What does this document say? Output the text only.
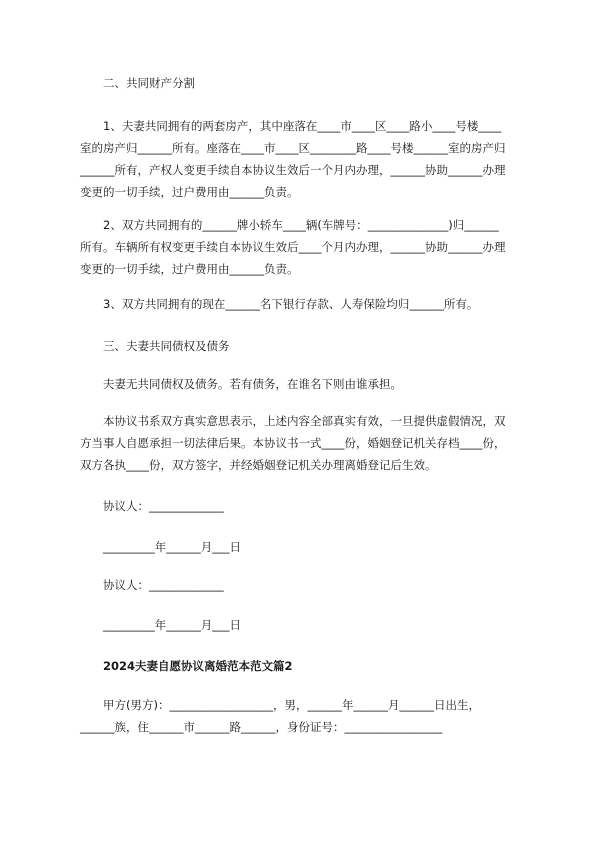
二、共同财产分割
1、夫妻共同拥有的两套房产，其中座落在____市____区____路小____号楼____
室的房产归______所有。座落在____市____区________路____号楼______室的房产归
______所有，产权人变更手续自本协议生效后一个月内办理，______协助______办理
变更的一切手续，过户费用由______负责。
2、双方共同拥有的______牌小轿车____辆(车牌号：______________)归______
所有。车辆所有权变更手续自本协议生效后____个月内办理，______协助______办理
变更的一切手续，过户费用由______负责。
3、双方共同拥有的现在______名下银行存款、人寿保险均归______所有。
三、夫妻共同债权及债务
夫妻无共同债权及债务。若有债务，在谁名下则由谁承担。
本协议书系双方真实意思表示，上述内容全部真实有效，一旦提供虚假情况，双
方当事人自愿承担一切法律后果。本协议书一式____份，婚姻登记机关存档____份，
双方各执____份，双方签字，并经婚姻登记机关办理离婚登记后生效。
协议人：_____________
_________年______月___日
协议人：_____________
_________年______月___日
2024夫妻自愿协议离婚范本范文篇2
甲方(男方)：__________________，男，______年______月______日出生，
______族，住______市______路______，身份证号：_________________
